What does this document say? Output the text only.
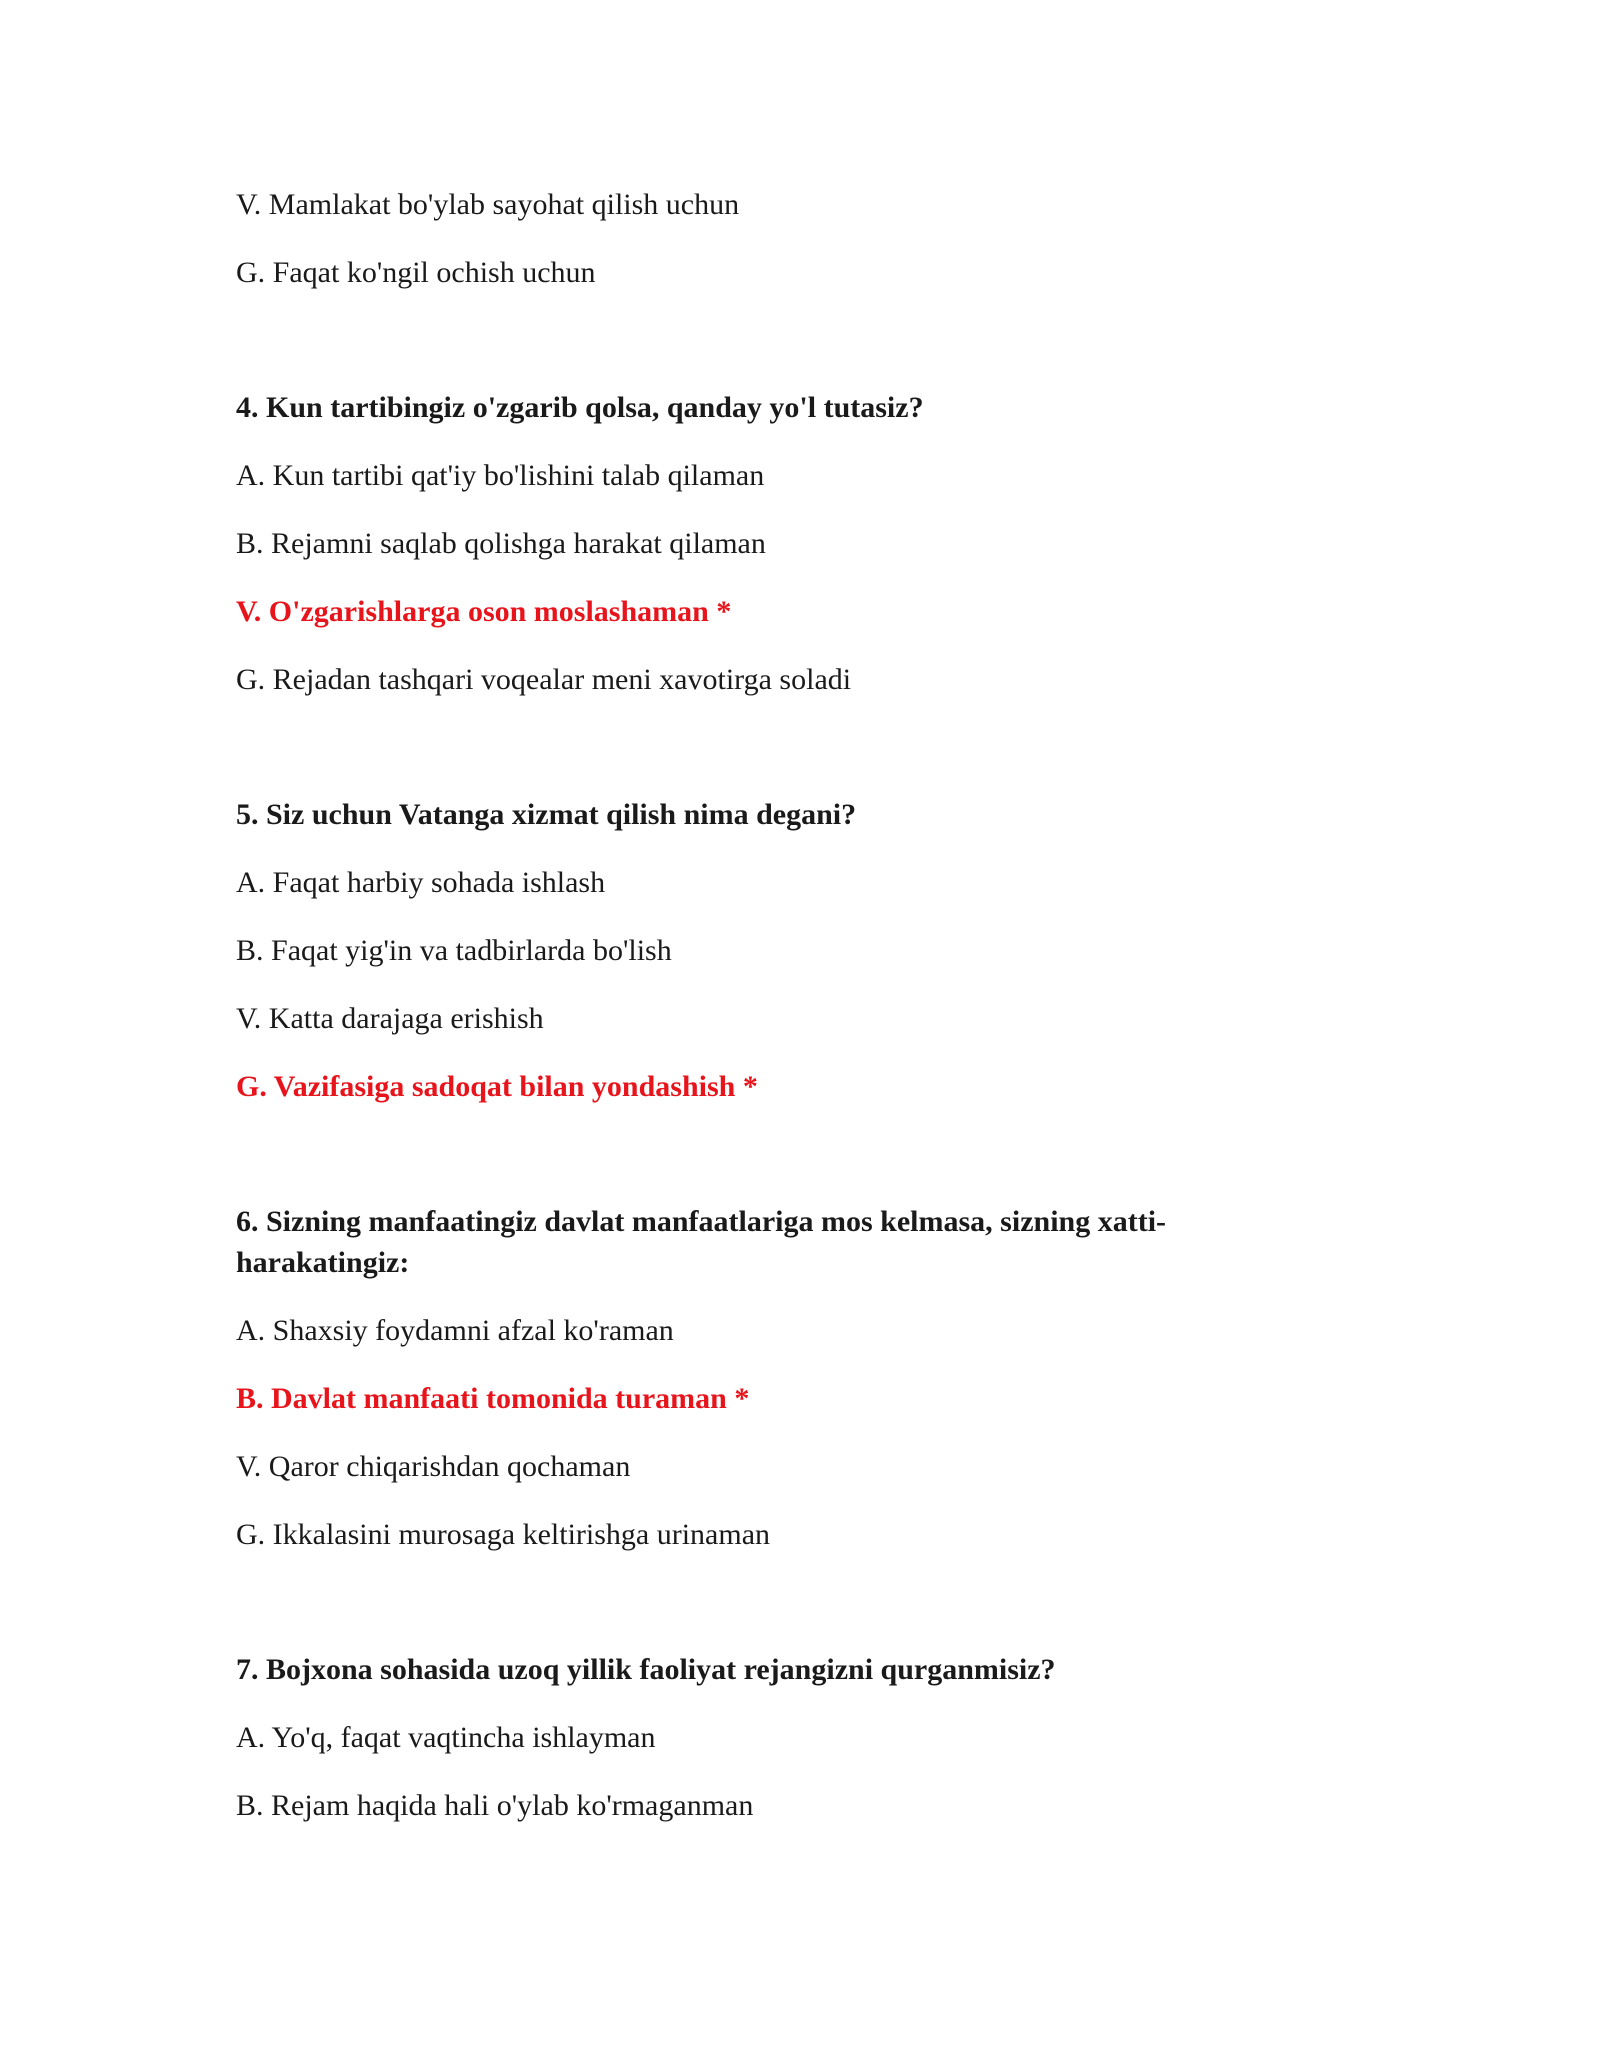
V. Mamlakat bo'ylab sayohat qilish uchun
G. Faqat ko'ngil ochish uchun
4. Kun tartibingiz o'zgarib qolsa, qanday yo'l tutasiz?
A. Kun tartibi qat'iy bo'lishini talab qilaman
B. Rejamni saqlab qolishga harakat qilaman
V. O'zgarishlarga oson moslashaman *
G. Rejadan tashqari voqealar meni xavotirga soladi
5. Siz uchun Vatanga xizmat qilish nima degani?
A. Faqat harbiy sohada ishlash
B. Faqat yig'in va tadbirlarda bo'lish
V. Katta darajaga erishish
G. Vazifasiga sadoqat bilan yondashish *
6. Sizning manfaatingiz davlat manfaatlariga mos kelmasa, sizning xatti-harakatingiz:
A. Shaxsiy foydamni afzal ko'raman
B. Davlat manfaati tomonida turaman *
V. Qaror chiqarishdan qochaman
G. Ikkalasini murosaga keltirishga urinaman
7. Bojxona sohasida uzoq yillik faoliyat rejangizni qurganmisiz?
A. Yo'q, faqat vaqtincha ishlayman
B. Rejam haqida hali o'ylab ko'rmaganman
